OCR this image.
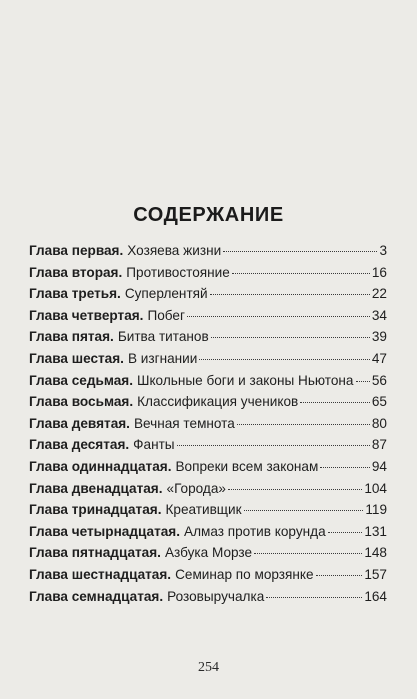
СОДЕРЖАНИЕ
Глава первая. Хозяева жизни	3
Глава вторая. Противостояние	16
Глава третья. Суперлентяй	22
Глава четвертая. Побег	34
Глава пятая. Битва титанов	39
Глава шестая. В изгнании	47
Глава седьмая. Школьные боги и законы Ньютона 56
Глава восьмая. Классификация учеников	65
Глава девятая. Вечная темнота	80
Глава десятая. Фанты	87
Глава одиннадцатая. Вопреки всем законам	94
Глава двенадцатая. «Города»	104
Глава тринадцатая. Креативщик	119
Глава четырнадцатая. Алмаз против корунда	131
Глава пятнадцатая. Азбука Морзе	148
Глава шестнадцатая. Семинар по морзянке	157
Глава семнадцатая. Розовыручалка	164
254
